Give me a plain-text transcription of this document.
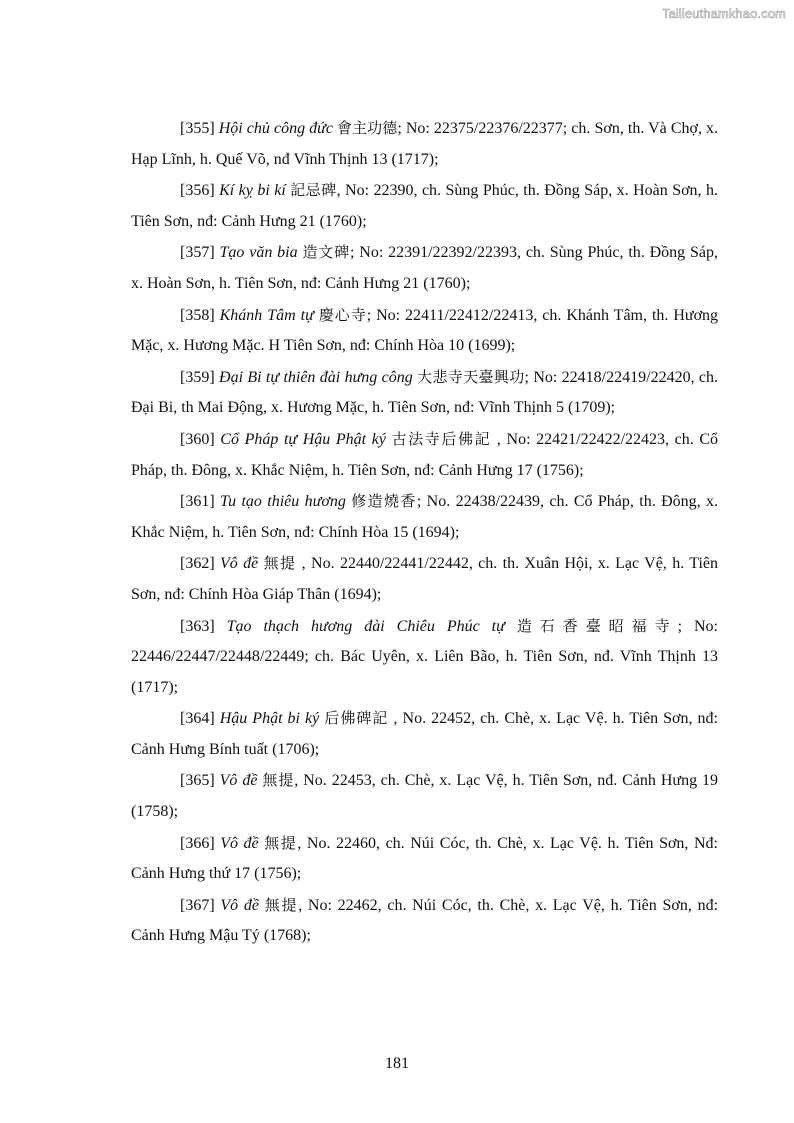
Tailieuthamkhao.com

[355] Hội chủ công đức 會主功德; No: 22375/22376/22377; ch. Sơn, th. Và Chợ, x. Hạp Lĩnh, h. Quế Võ, nđ Vĩnh Thịnh 13 (1717);

[356] Kí kỵ bi kí 記忌碑, No: 22390, ch. Sùng Phúc, th. Đồng Sáp, x. Hoàn Sơn, h. Tiên Sơn, nđ: Cảnh Hưng 21 (1760);

[357] Tạo văn bia 造文碑; No: 22391/22392/22393, ch. Sùng Phúc, th. Đồng Sáp, x. Hoàn Sơn, h. Tiên Sơn, nđ: Cảnh Hưng 21 (1760);

[358] Khánh Tâm tự 慶心寺; No: 22411/22412/22413, ch. Khánh Tâm, th. Hương Mặc, x. Hương Mặc. H Tiên Sơn, nđ: Chính Hòa 10 (1699);

[359] Đại Bi tự thiên đài hưng công 大悲寺天臺興功; No: 22418/22419/22420, ch. Đại Bi, th Mai Động, x. Hương Mặc, h. Tiên Sơn, nđ: Vĩnh Thịnh 5 (1709);

[360] Cổ Pháp tự Hậu Phật ký 古法寺后佛記 , No: 22421/22422/22423, ch. Cổ Pháp, th. Đông, x. Khắc Niệm, h. Tiên Sơn, nđ: Cảnh Hưng 17 (1756);

[361] Tu tạo thiêu hương 修造燒香; No. 22438/22439, ch. Cổ Pháp, th. Đông, x. Khắc Niệm, h. Tiên Sơn, nđ: Chính Hòa 15 (1694);

[362] Vô đề 無提 , No. 22440/22441/22442, ch. th. Xuân Hội, x. Lạc Vệ, h. Tiên Sơn, nđ: Chính Hòa Giáp Thân (1694);

[363] Tạo thạch hương đài Chiêu Phúc tự 造石香臺昭福寺; No: 22446/22447/22448/22449; ch. Bác Uyên, x. Liên Bão, h. Tiên Sơn, nđ. Vĩnh Thịnh 13 (1717);

[364] Hậu Phật bi ký 后佛碑記 , No. 22452, ch. Chè, x. Lạc Vệ. h. Tiên Sơn, nđ: Cảnh Hưng Bính tuất (1706);

[365] Vô đề 無提, No. 22453, ch. Chè, x. Lạc Vệ, h. Tiên Sơn, nđ. Cảnh Hưng 19 (1758);

[366] Vô đề 無提, No. 22460, ch. Núi Cóc, th. Chè, x. Lạc Vệ. h. Tiên Sơn, Nđ: Cảnh Hưng thứ 17 (1756);

[367] Vô đề 無提, No: 22462, ch. Núi Cóc, th. Chè, x. Lạc Vệ, h. Tiên Sơn, nđ: Cảnh Hưng Mậu Tý (1768);

181
